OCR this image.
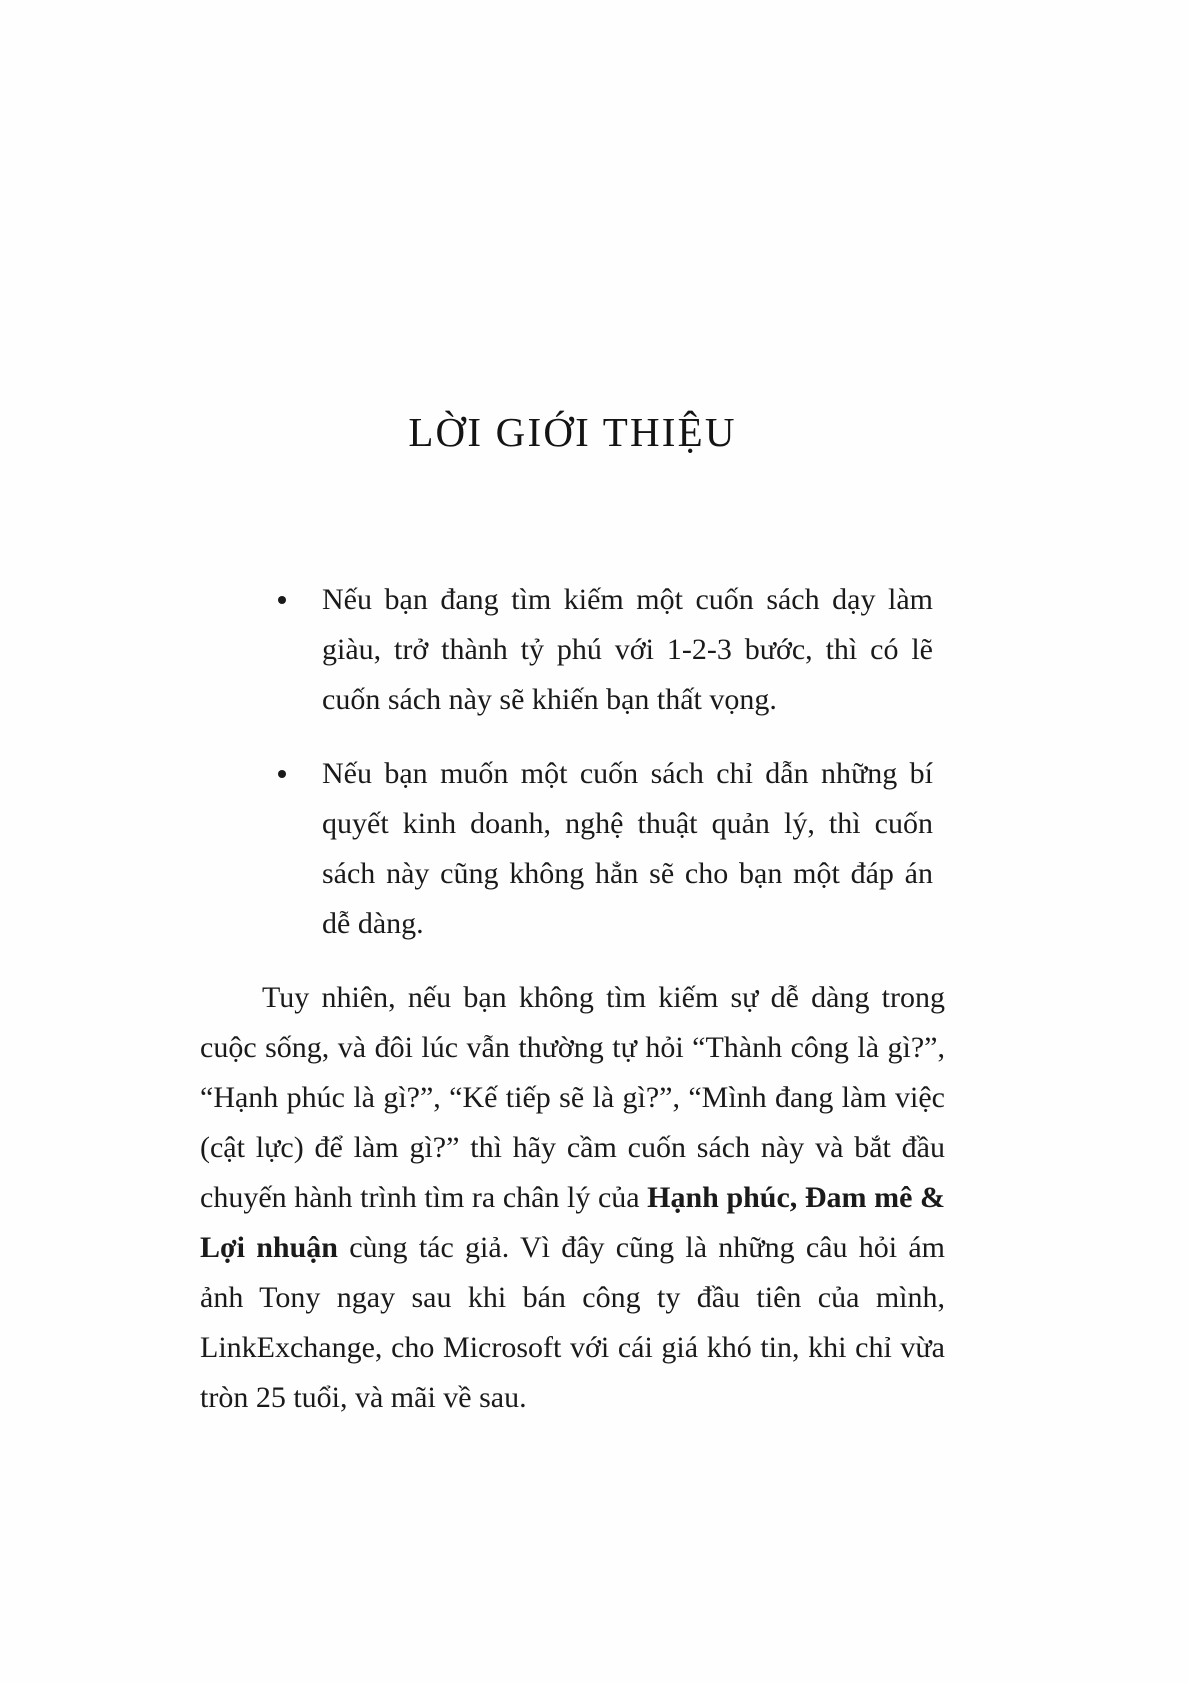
LỜI GIỚI THIỆU
Nếu bạn đang tìm kiếm một cuốn sách dạy làm giàu, trở thành tỷ phú với 1-2-3 bước, thì có lẽ cuốn sách này sẽ khiến bạn thất vọng.
Nếu bạn muốn một cuốn sách chỉ dẫn những bí quyết kinh doanh, nghệ thuật quản lý, thì cuốn sách này cũng không hẳn sẽ cho bạn một đáp án dễ dàng.

Tuy nhiên, nếu bạn không tìm kiếm sự dễ dàng trong cuộc sống, và đôi lúc vẫn thường tự hỏi “Thành công là gì?”, “Hạnh phúc là gì?”, “Kế tiếp sẽ là gì?”, “Mình đang làm việc (cật lực) để làm gì?” thì hãy cầm cuốn sách này và bắt đầu chuyến hành trình tìm ra chân lý của Hạnh phúc, Đam mê & Lợi nhuận cùng tác giả. Vì đây cũng là những câu hỏi ám ảnh Tony ngay sau khi bán công ty đầu tiên của mình, LinkExchange, cho Microsoft với cái giá khó tin, khi chỉ vừa tròn 25 tuổi, và mãi về sau.
